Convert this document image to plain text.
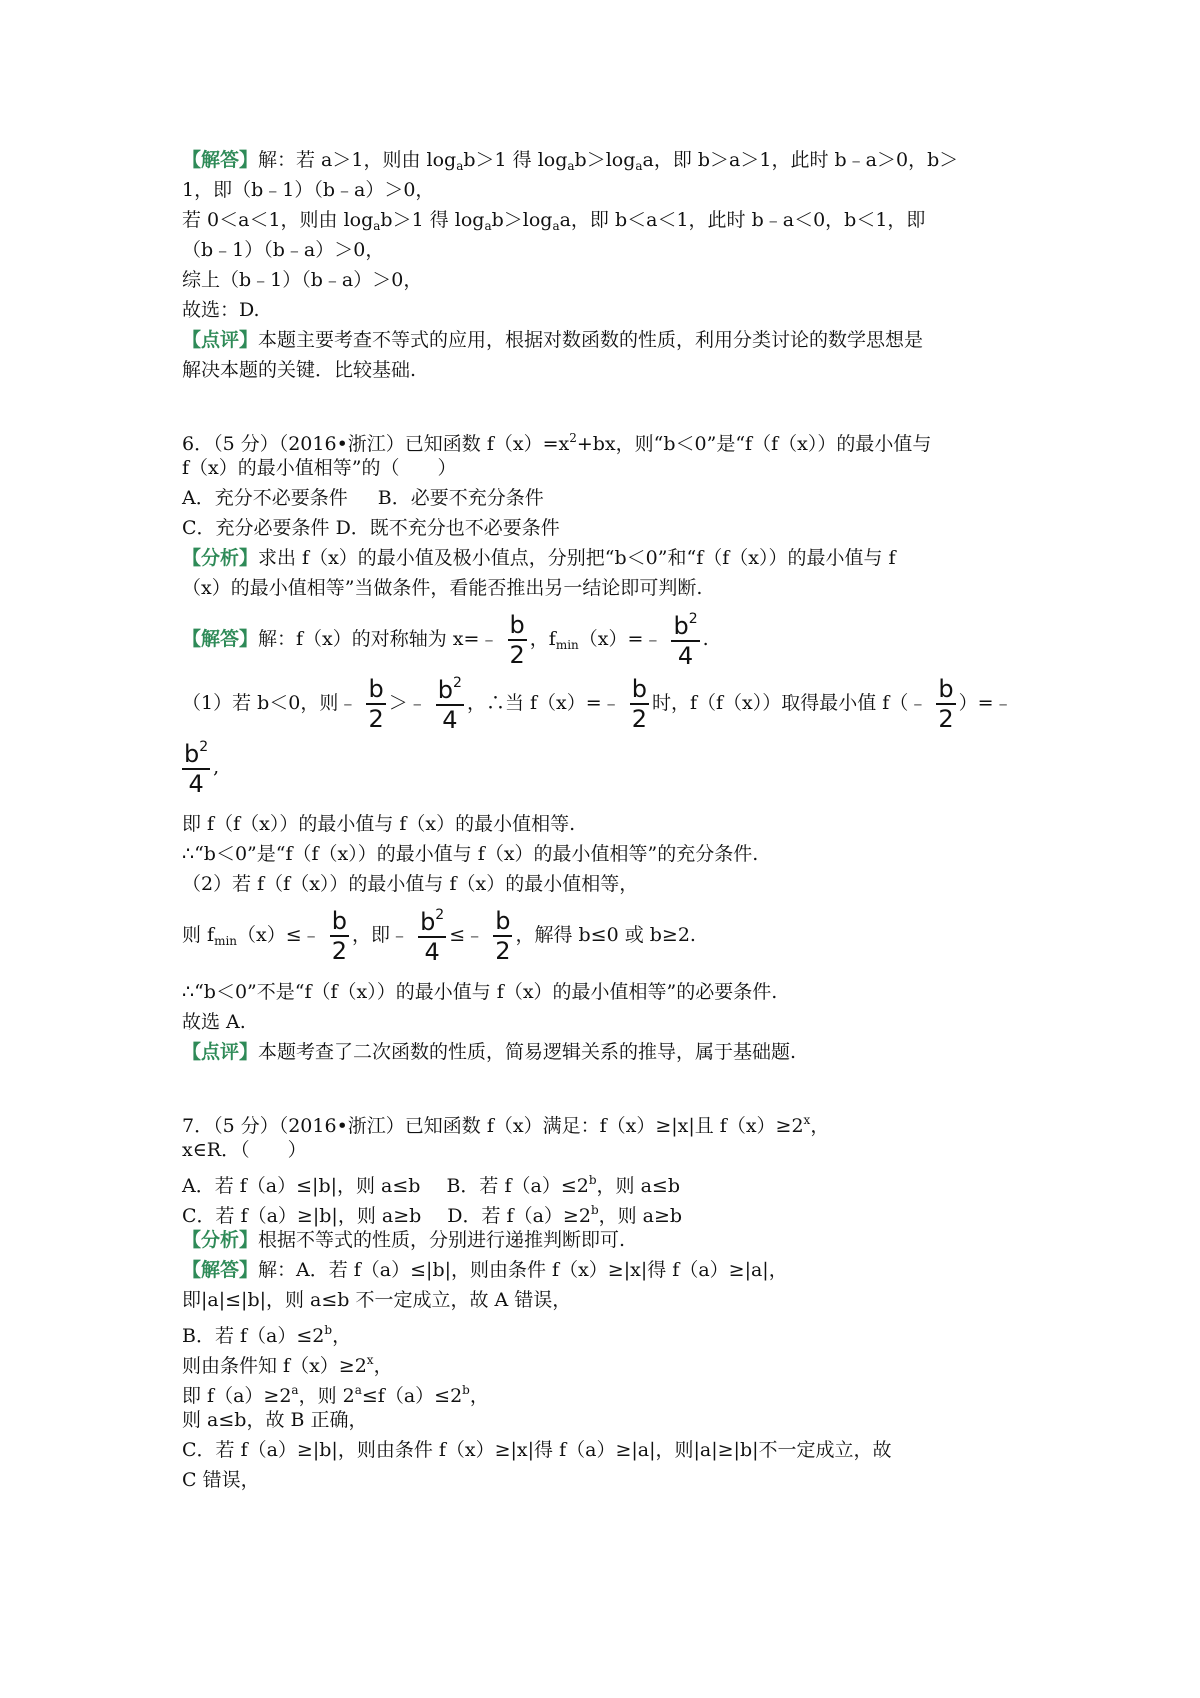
【解答】解：若 a＞1，则由 $\log_ab>1$ 得 $\log_ab>\log_aa$，即 b＞a＞1，此时 b﹣a＞0，b＞
1，即（b﹣1）（b﹣a）＞0，
若 0＜a＜1，则由 $\log_ab>1$ 得 $\log_ab>\log_aa$，即 b＜a＜1，此时 b﹣a＜0，b＜1，即
（b﹣1）（b﹣a）＞0，
综上（b﹣1）（b﹣a）＞0，
故选：D.
【点评】本题主要考查不等式的应用，根据对数函数的性质，利用分类讨论的数学思想是
解决本题的关键．比较基础.
6．（5 分）（2016•浙江）已知函数 $f(x)=x^2+bx$，则“b＜0”是“f（f（x））的最小值与
f（x）的最小值相等”的（　　）
A．充分不必要条件 B．必要不充分条件
C．充分必要条件 D．既不充分也不必要条件
【分析】求出 f（x）的最小值及极小值点，分别把“b＜0”和“f（f（x））的最小值与 f
（x）的最小值相等”当做条件，看能否推出另一结论即可判断.
【解答】解：f（x）的对称轴为 x=﹣ $\frac{b}{2}$ ，$f_{min}(x)=﹣ \frac{b^2}{4}$ .
（1）若 b＜0，则﹣ $\frac{b}{2}$ ＞﹣ $\frac{b^2}{4}$ ，∴当 f（x）=﹣ $\frac{b}{2}$ 时，f（f（x））取得最小值 f（﹣ $\frac{b}{2}$ ）=﹣
$\frac{b^2}{4}$ ,
即 f（f（x））的最小值与 f（x）的最小值相等.
∴“b＜0”是“f（f（x））的最小值与 f（x）的最小值相等”的充分条件.
（2）若 f（f（x））的最小值与 f（x）的最小值相等，
则 $f_{min}(x)\le﹣ \frac{b}{2}$ ，即﹣ $\frac{b^2}{4}$ ≤﹣ $\frac{b}{2}$ ，解得 b≤0 或 b≥2.
∴“b＜0”不是“f（f（x））的最小值与 f（x）的最小值相等”的必要条件.
故选 A.
【点评】本题考查了二次函数的性质，简易逻辑关系的推导，属于基础题.
7．（5 分）（2016•浙江）已知函数 f（x）满足：f（x）≥|x|且 $f(x)\ge 2^x$，
x∈R．（　　）
A．若 f（a）≤|b|，则 a≤b B．若 $f(a)\le 2^b$，则 a≤b
C．若 f（a）≥|b|，则 a≥b D．若 $f(a)\ge 2^b$，则 a≥b
【分析】根据不等式的性质，分别进行递推判断即可.
【解答】解：A．若 f（a）≤|b|，则由条件 f（x）≥|x|得 f（a）≥|a|，
即|a|≤|b|，则 a≤b 不一定成立，故 A 错误，
B．若 $f(a)\le 2^b$，
则由条件知 $f(x)\ge 2^x$，
即 $f(a)\ge 2^a$，则 $2^a\le f(a)\le 2^b$，
则 a≤b，故 B 正确，
C．若 f（a）≥|b|，则由条件 f（x）≥|x|得 f（a）≥|a|，则|a|≥|b|不一定成立，故
C 错误，
